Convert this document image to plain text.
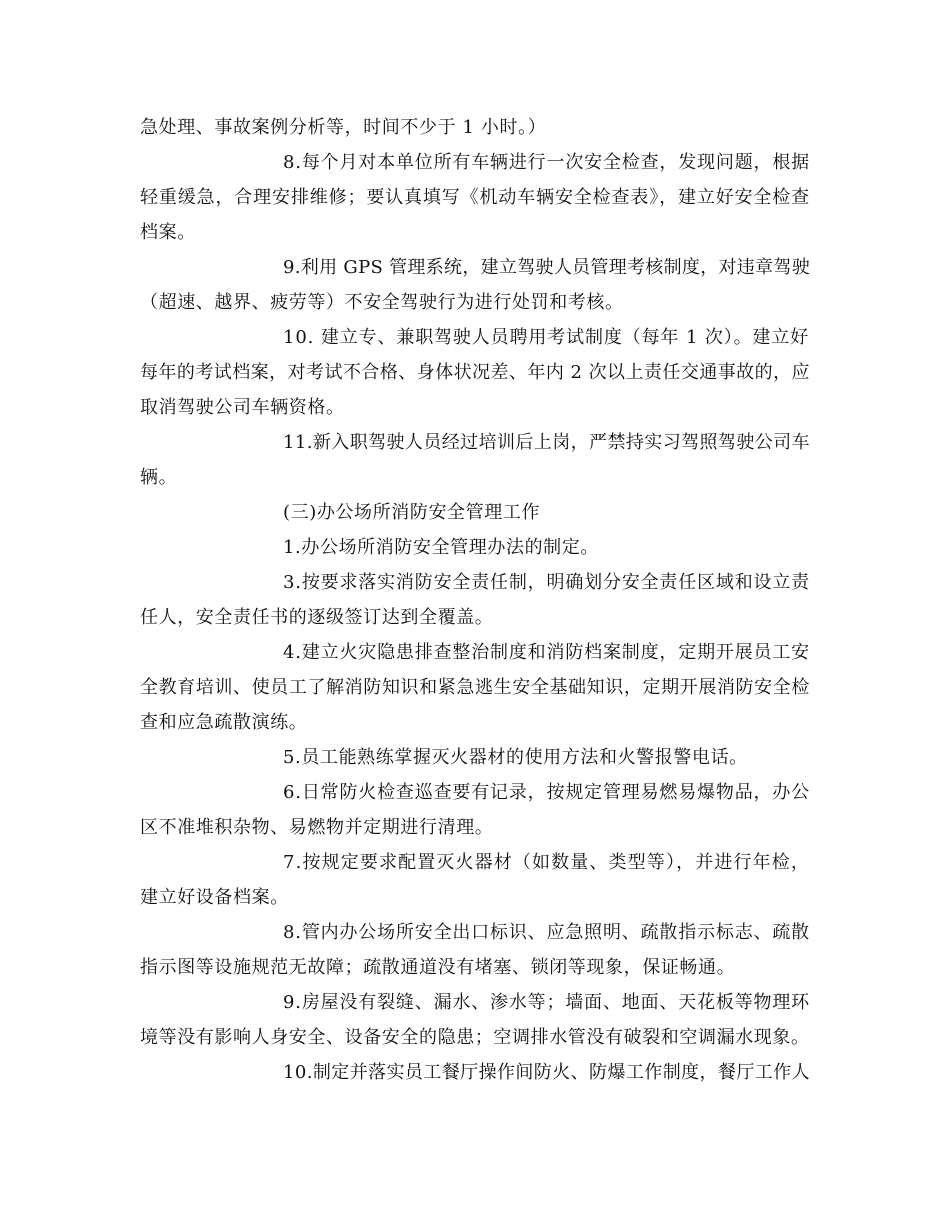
急处理、事故案例分析等，时间不少于 1 小时。）
8.每个月对本单位所有车辆进行一次安全检查，发现问题，根据
轻重缓急，合理安排维修；要认真填写《机动车辆安全检查表》，建立好安全检查
档案。
9.利用 GPS 管理系统，建立驾驶人员管理考核制度，对违章驾驶
（超速、越界、疲劳等）不安全驾驶行为进行处罚和考核。
10. 建立专、兼职驾驶人员聘用考试制度（每年 1 次）。建立好
每年的考试档案，对考试不合格、身体状况差、年内 2 次以上责任交通事故的，应
取消驾驶公司车辆资格。
11.新入职驾驶人员经过培训后上岗，严禁持实习驾照驾驶公司车
辆。
(三)办公场所消防安全管理工作
1.办公场所消防安全管理办法的制定。
3.按要求落实消防安全责任制，明确划分安全责任区域和设立责
任人，安全责任书的逐级签订达到全覆盖。
4.建立火灾隐患排查整治制度和消防档案制度，定期开展员工安
全教育培训、使员工了解消防知识和紧急逃生安全基础知识，定期开展消防安全检
查和应急疏散演练。
5.员工能熟练掌握灭火器材的使用方法和火警报警电话。
6.日常防火检查巡查要有记录，按规定管理易燃易爆物品，办公
区不准堆积杂物、易燃物并定期进行清理。
7.按规定要求配置灭火器材（如数量、类型等），并进行年检，
建立好设备档案。
8.管内办公场所安全出口标识、应急照明、疏散指示标志、疏散
指示图等设施规范无故障；疏散通道没有堵塞、锁闭等现象，保证畅通。
9.房屋没有裂缝、漏水、渗水等；墙面、地面、天花板等物理环
境等没有影响人身安全、设备安全的隐患；空调排水管没有破裂和空调漏水现象。
10.制定并落实员工餐厅操作间防火、防爆工作制度，餐厅工作人
